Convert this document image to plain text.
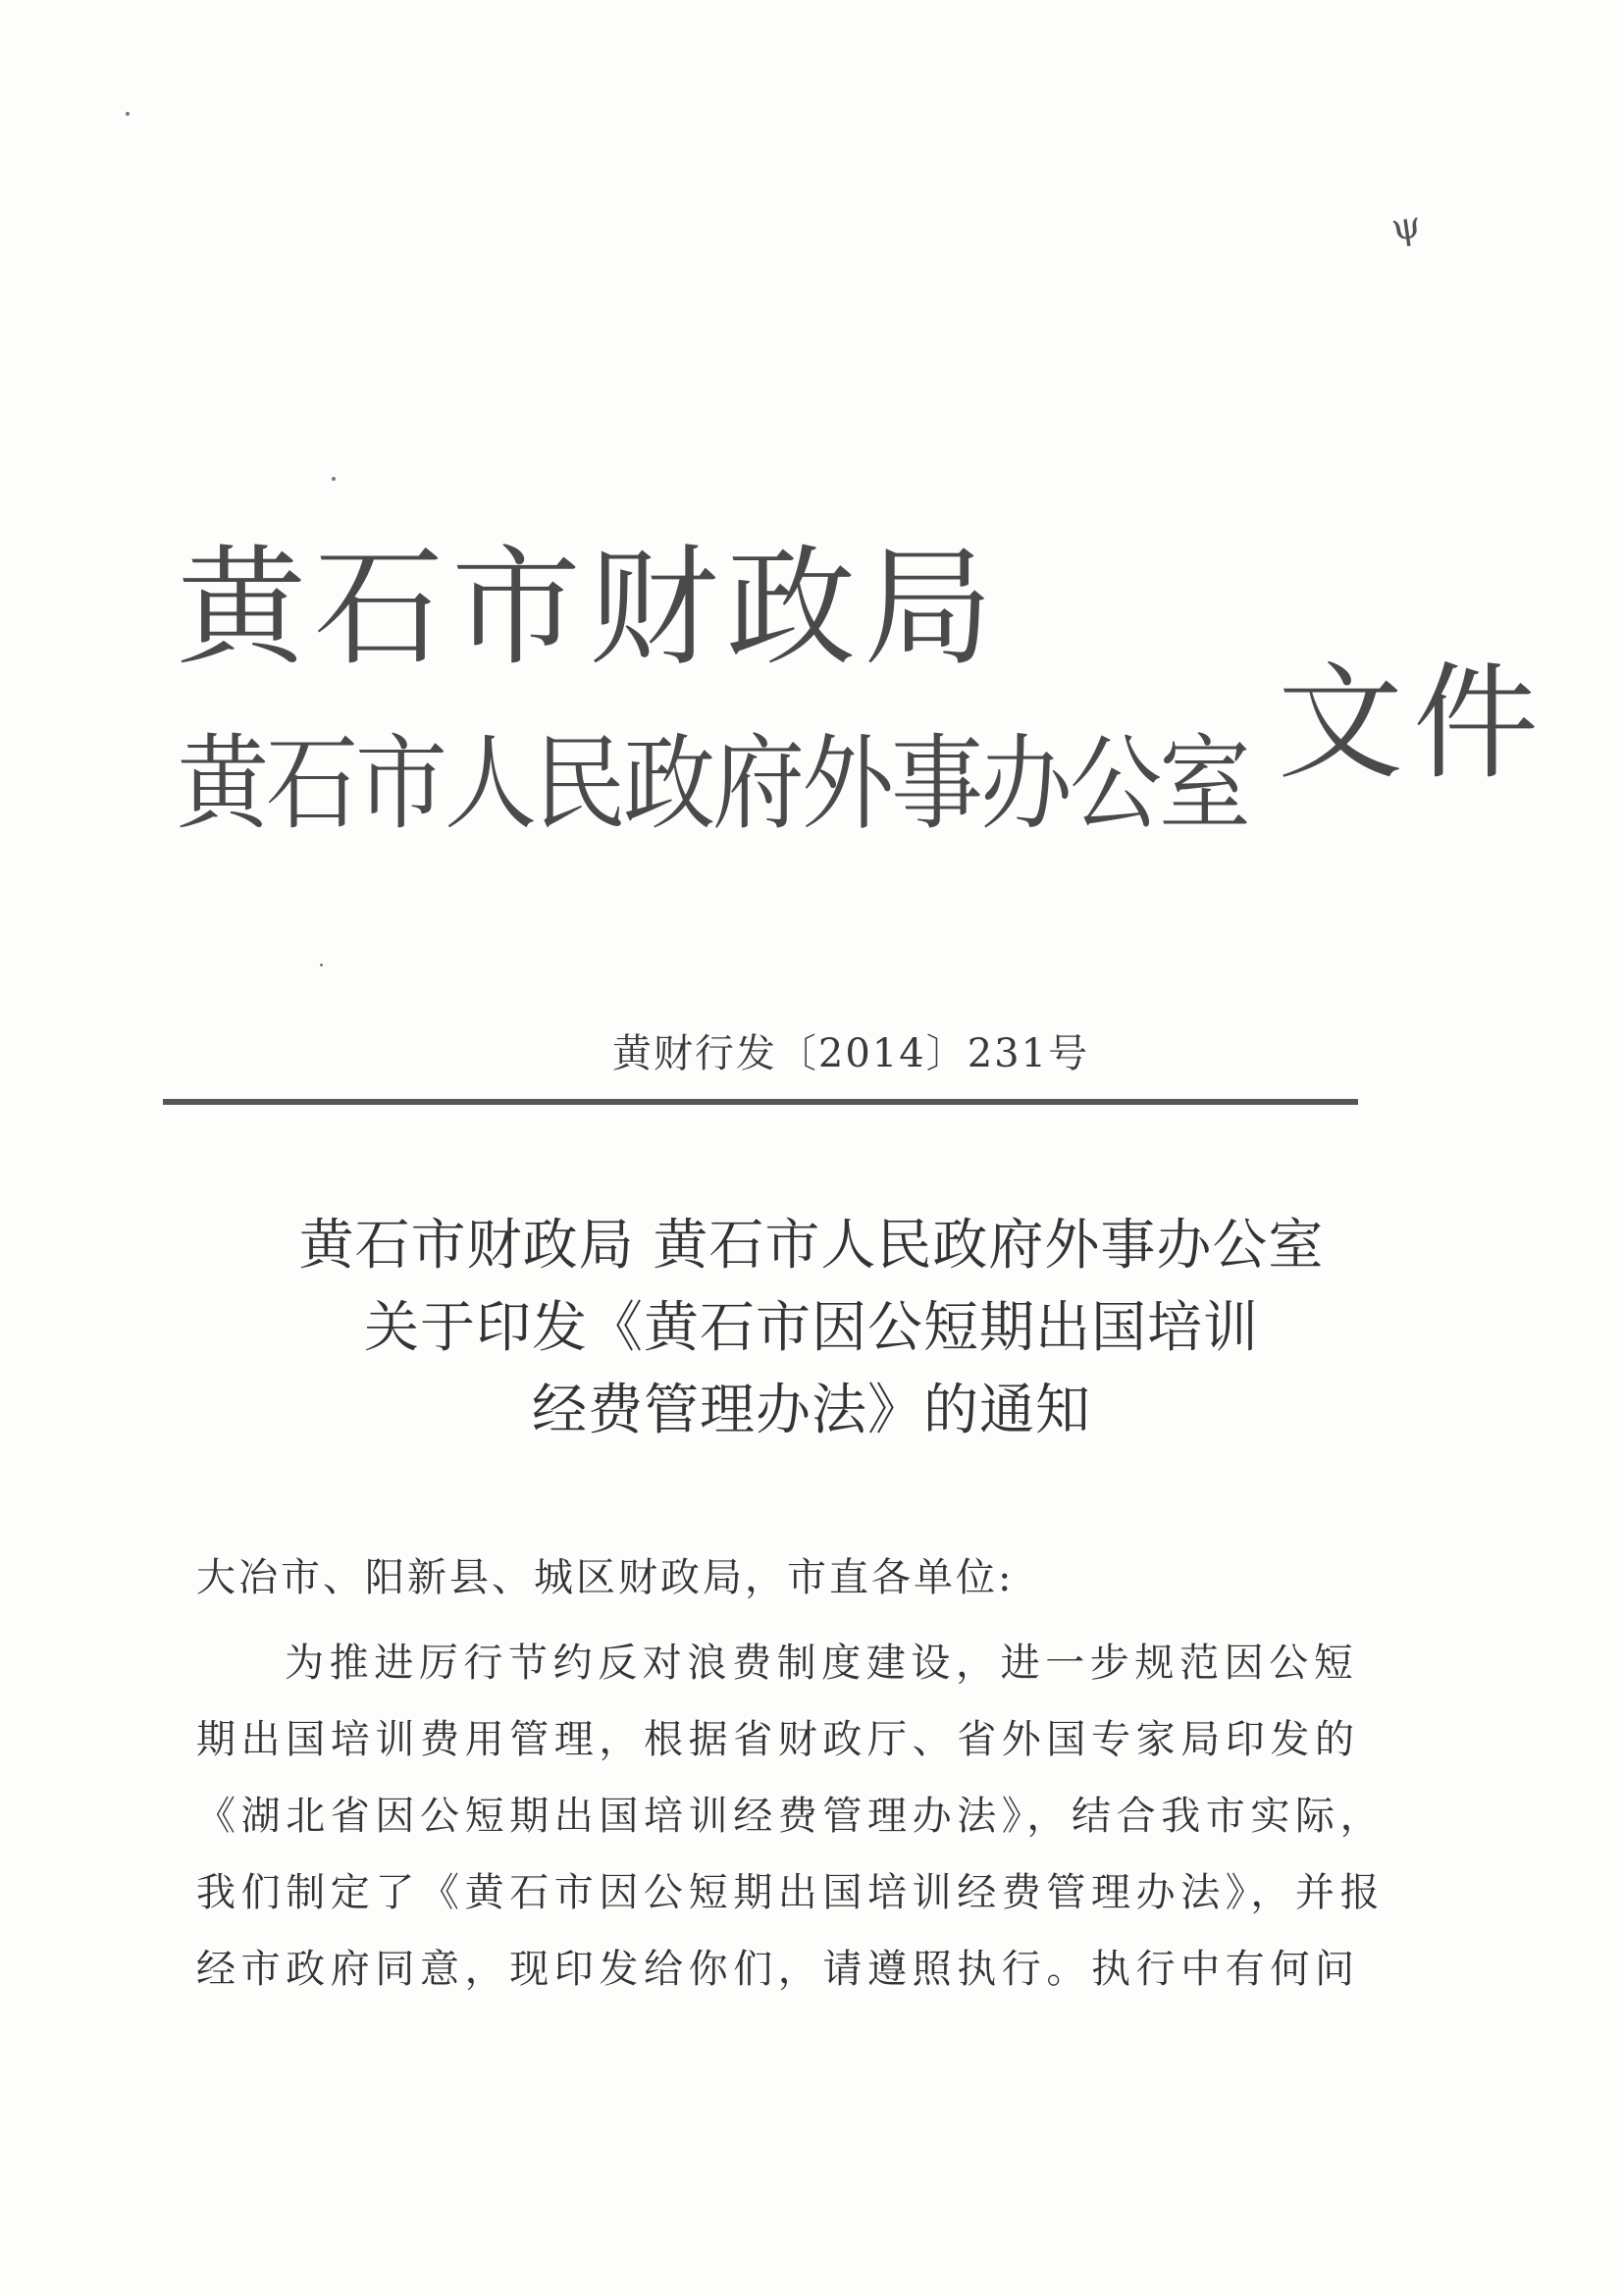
ψ
黄石市财政局
黄石市人民政府外事办公室 文件
黄财行发〔2014〕231号
黄石市财政局 黄石市人民政府外事办公室
关于印发《黄石市因公短期出国培训
经费管理办法》的通知
大冶市、阳新县、城区财政局，市直各单位:
为推进厉行节约反对浪费制度建设，进一步规范因公短
期出国培训费用管理，根据省财政厅、省外国专家局印发的
《湖北省因公短期出国培训经费管理办法》，结合我市实际，
我们制定了《黄石市因公短期出国培训经费管理办法》，并报
经市政府同意，现印发给你们，请遵照执行。执行中有何问
